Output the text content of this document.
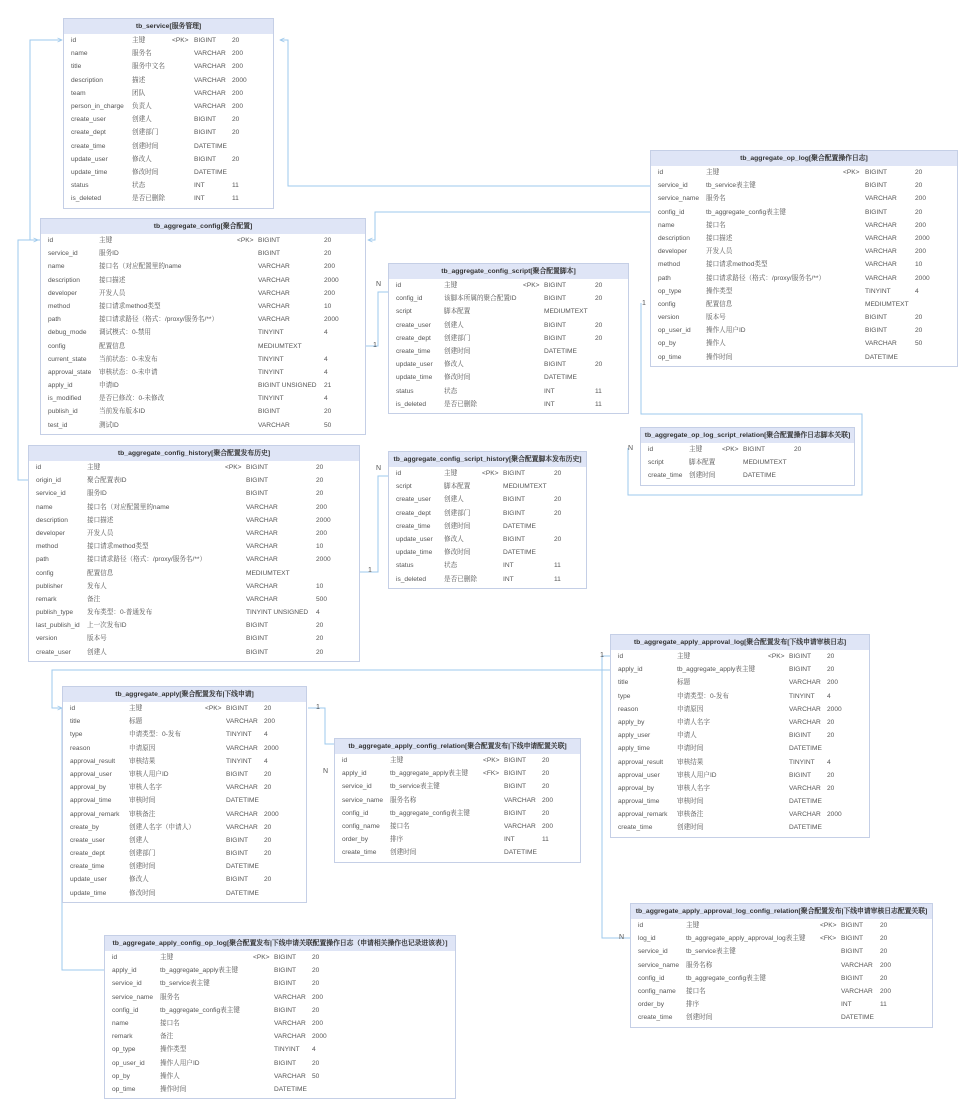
tb_service[服务管理]
id	主键	<PK> BIGINT 20
name	服务名	VARCHAR 200
title	服务中文名	VARCHAR 200
description	描述	VARCHAR 2000
team	团队	VARCHAR 200
person_in_charge 负责人	VARCHAR 200
create_user	创建人	BIGINT 20
create_dept	创建部门	BIGINT 20
create_time	创建时间	DATETIME
update_user	修改人	BIGINT 20
update_time	修改时间	DATETIME
status	状态	INT	11
is_deleted	是否已删除	INT	11
tb_aggregate_config[聚合配置]
id	主键	<PK> BIGINT	20
service_id	服务ID	BIGINT	20
name	接口名（对应配置里的name	VARCHAR	200
description	接口描述	VARCHAR	2000
developer	开发人员	VARCHAR	200
method	接口请求method类型	VARCHAR	10
path	接口请求路径（格式：/proxy/服务名/**）	VARCHAR	2000
debug_mode 调试模式：0-禁用	TINYINT	4
config	配置信息	MEDIUMTEXT
current_state 当前状态：0-未发布	TINYINT	4
approval_state 审核状态：0-未申请	TINYINT	4
apply_id	申请ID	BIGINT UNSIGNED 21
is_modified	是否已修改：0-未修改	TINYINT	4
publish_id	当前发布版本ID	BIGINT	20
test_id	测试ID	VARCHAR	50
tb_aggregate_config_script[聚合配置脚本]
id	主键	<PK> BIGINT	20
config_id	该脚本所属的聚合配置ID	BIGINT	20
script	脚本配置	MEDIUMTEXT
create_user 创建人	BIGINT	20
create_dept 创建部门	BIGINT	20
create_time 创建时间	DATETIME
update_user 修改人	BIGINT	20
update_time 修改时间	DATETIME
status	状态	INT	11
is_deleted	是否已删除	INT	11
tb_aggregate_op_log[聚合配置操作日志]
id	主键	<PK> BIGINT	20
service_id	tb_service表主键	BIGINT	20
service_name 服务名	VARCHAR	200
config_id	tb_aggregate_config表主键	BIGINT	20
name	接口名	VARCHAR	200
description 接口描述	VARCHAR	2000
developer	开发人员	VARCHAR	200
method	接口请求method类型	VARCHAR	10
path	接口请求路径（格式：/proxy/服务名/**）	VARCHAR	2000
op_type	操作类型	TINYINT	4
config	配置信息	MEDIUMTEXT
version	版本号	BIGINT	20
op_user_id 操作人用户ID	BIGINT	20
op_by	操作人	VARCHAR	50
op_time	操作时间	DATETIME
tb_aggregate_op_log_script_relation[聚合配置操作日志脚本关联]
id	主键	<PK> BIGINT	20
script	脚本配置	MEDIUMTEXT
create_time 创建时间	DATETIME
tb_aggregate_config_history[聚合配置发布历史]
id	主键	<PK> BIGINT	20
origin_id	聚合配置表ID	BIGINT	20
service_id	服务ID	BIGINT	20
name	接口名（对应配置里的name	VARCHAR	200
description	接口描述	VARCHAR	2000
developer	开发人员	VARCHAR	200
method	接口请求method类型	VARCHAR	10
path	接口请求路径（格式：/proxy/服务名/**）	VARCHAR	2000
config	配置信息	MEDIUMTEXT
publisher	发布人	VARCHAR	10
remark	备注	VARCHAR	500
publish_type 发布类型：0-普通发布	TINYINT UNSIGNED 4
last_publish_id 上一次发布ID	BIGINT	20
version	版本号	BIGINT	20
create_user 创建人	BIGINT	20
tb_aggregate_config_script_history[聚合配置脚本发布历史]
id	主键	<PK> BIGINT	20
script	脚本配置	MEDIUMTEXT
create_user 创建人	BIGINT	20
create_dept 创建部门	BIGINT	20
create_time 创建时间	DATETIME
update_user 修改人	BIGINT	20
update_time 修改时间	DATETIME
status	状态	INT	11
is_deleted	是否已删除	INT	11
tb_aggregate_apply_approval_log[聚合配置发布[下线申请审核日志]
id	主键	<PK> BIGINT 20
apply_id	tb_aggregate_apply表主键	BIGINT 20
title	标题	VARCHAR 200
type	申请类型：0-发布	TINYINT 4
reason	申请原因	VARCHAR 2000
apply_by	申请人名字	VARCHAR 20
apply_user	申请人	BIGINT 20
apply_time	申请时间	DATETIME
approval_result 审核结果	TINYINT 4
approval_user	审核人用户ID	BIGINT 20
approval_by	审核人名字	VARCHAR 20
approval_time	审核时间	DATETIME
approval_remark 审核备注	VARCHAR 2000
create_time	创建时间	DATETIME
tb_aggregate_apply[聚合配置发布|下线申请]
id	主键	<PK> BIGINT 20
title	标题	VARCHAR 200
type	申请类型：0-发布	TINYINT 4
reason	申请原因	VARCHAR 2000
approval_result 审核结果	TINYINT 4
approval_user	审核人用户ID	BIGINT 20
approval_by	审核人名字	VARCHAR 20
approval_time	审核时间	DATETIME
approval_remark 审核备注	VARCHAR 2000
create_by	创建人名字（申请人）	VARCHAR 20
create_user	创建人	BIGINT 20
create_dept	创建部门	BIGINT 20
create_time	创建时间	DATETIME
update_user	修改人	BIGINT 20
update_time	修改时间	DATETIME
tb_aggregate_apply_config_relation[聚合配置发布|下线申请配置关联]
id	主键	<PK> BIGINT 20
apply_id	tb_aggregate_apply表主键 <FK> BIGINT 20
service_id	tb_service表主键	BIGINT 20
service_name 服务名称	VARCHAR 200
config_id	tb_aggregate_config表主键	BIGINT 20
config_name 接口名	VARCHAR 200
order_by	排序	INT	11
create_time 创建时间	DATETIME
tb_aggregate_apply_approval_log_config_relation[聚合配置发布|下线申请审核日志配置关联]
id	主键	<PK> BIGINT	20
log_id	tb_aggregate_apply_approval_log表主键 <FK> BIGINT	20
service_id	tb_service表主键	BIGINT	20
service_name 服务名称	VARCHAR 200
config_id	tb_aggregate_config表主键	BIGINT	20
config_name 接口名	VARCHAR 200
order_by	排序	INT	11
create_time 创建时间	DATETIME
tb_aggregate_apply_config_op_log[聚合配置发布|下线申请关联配置操作日志（申请相关操作也记录进该表）]
id	主键	<PK> BIGINT 20
apply_id	tb_aggregate_apply表主键	BIGINT 20
service_id	tb_service表主键	BIGINT 20
service_name 服务名	VARCHAR 200
config_id	tb_aggregate_config表主键	BIGINT 20
name	接口名	VARCHAR 200
remark	备注	VARCHAR 2000
op_type	操作类型	TINYINT 4
op_user_id 操作人用户ID	BIGINT 20
op_by	操作人	VARCHAR 50
op_time	操作时间	DATETIME
N
1
N
1
1
N
1
N
1
N
